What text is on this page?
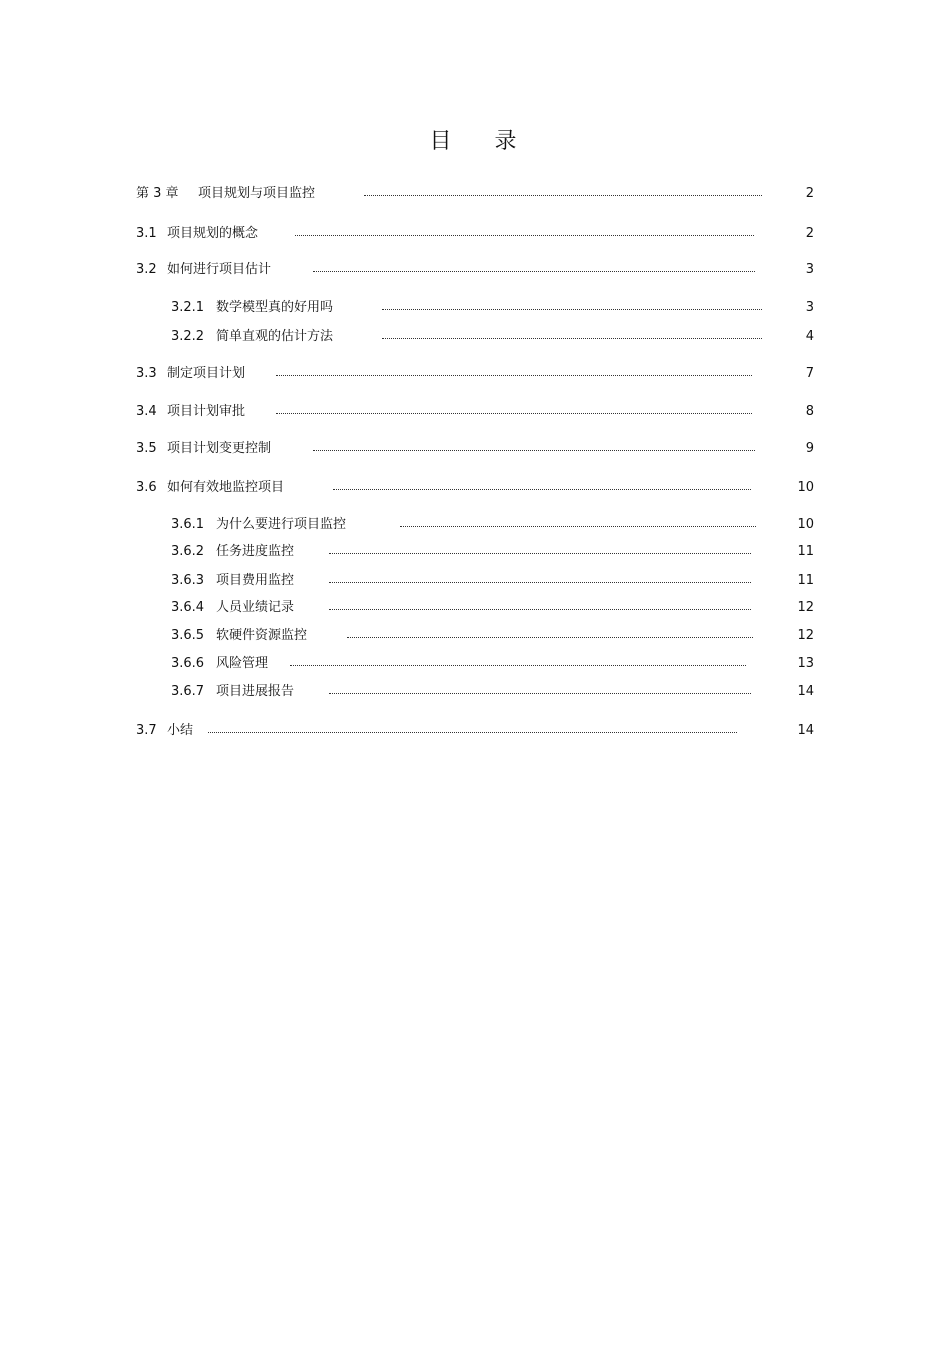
目 录
第 3 章 项目规划与项目监控	2
3.1 项目规划的概念	2
3.2 如何进行项目估计	3
3.2.1 数学模型真的好用吗	3
3.2.2 简单直观的估计方法	4
3.3 制定项目计划	7
3.4 项目计划审批	8
3.5 项目计划变更控制	9
3.6 如何有效地监控项目	10
3.6.1 为什么要进行项目监控	10
3.6.2 任务进度监控	11
3.6.3 项目费用监控	11
3.6.4 人员业绩记录	12
3.6.5 软硬件资源监控	12
3.6.6 风险管理	13
3.6.7 项目进展报告	14
3.7 小结	14
